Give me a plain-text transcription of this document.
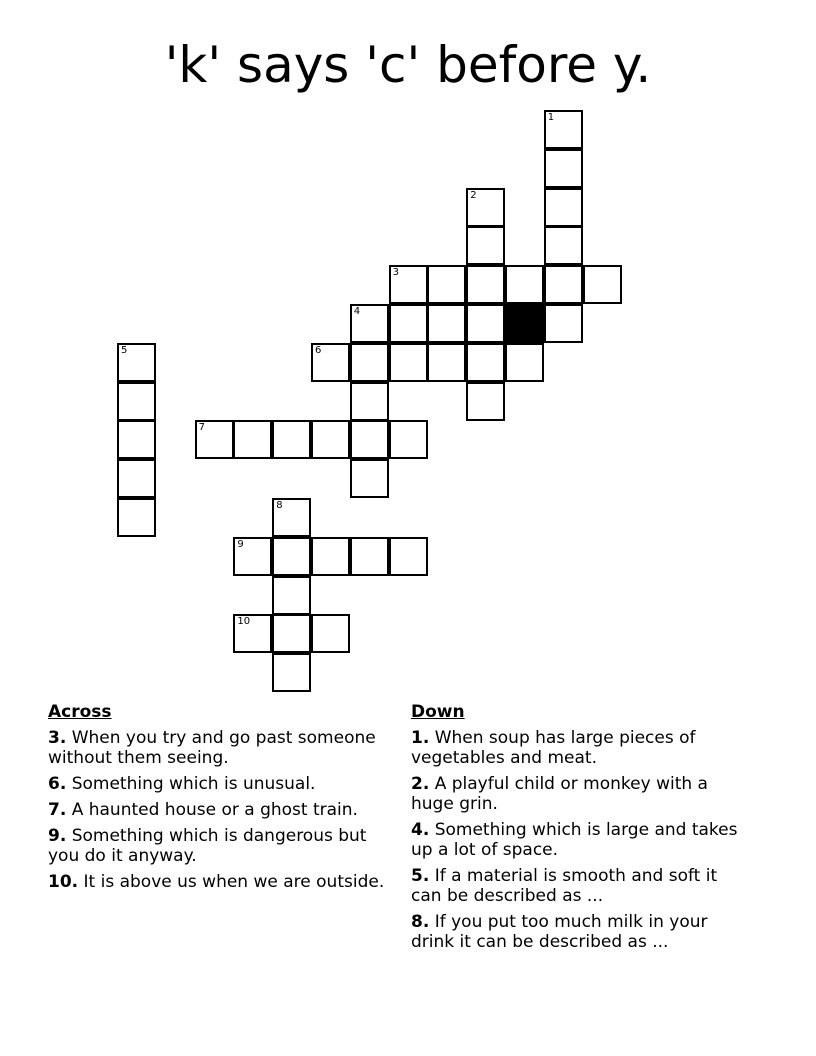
'k' says 'c' before y.
1
2
3
4
5	6
7
8
9
10
Across
3. When you try and go past someone without them seeing.
6. Something which is unusual.
7. A haunted house or a ghost train.
9. Something which is dangerous but you do it anyway.
10. It is above us when we are outside.
Down
1. When soup has large pieces of vegetables and meat.
2. A playful child or monkey with a huge grin.
4. Something which is large and takes up a lot of space.
5. If a material is smooth and soft it can be described as ...
8. If you put too much milk in your drink it can be described as ...
